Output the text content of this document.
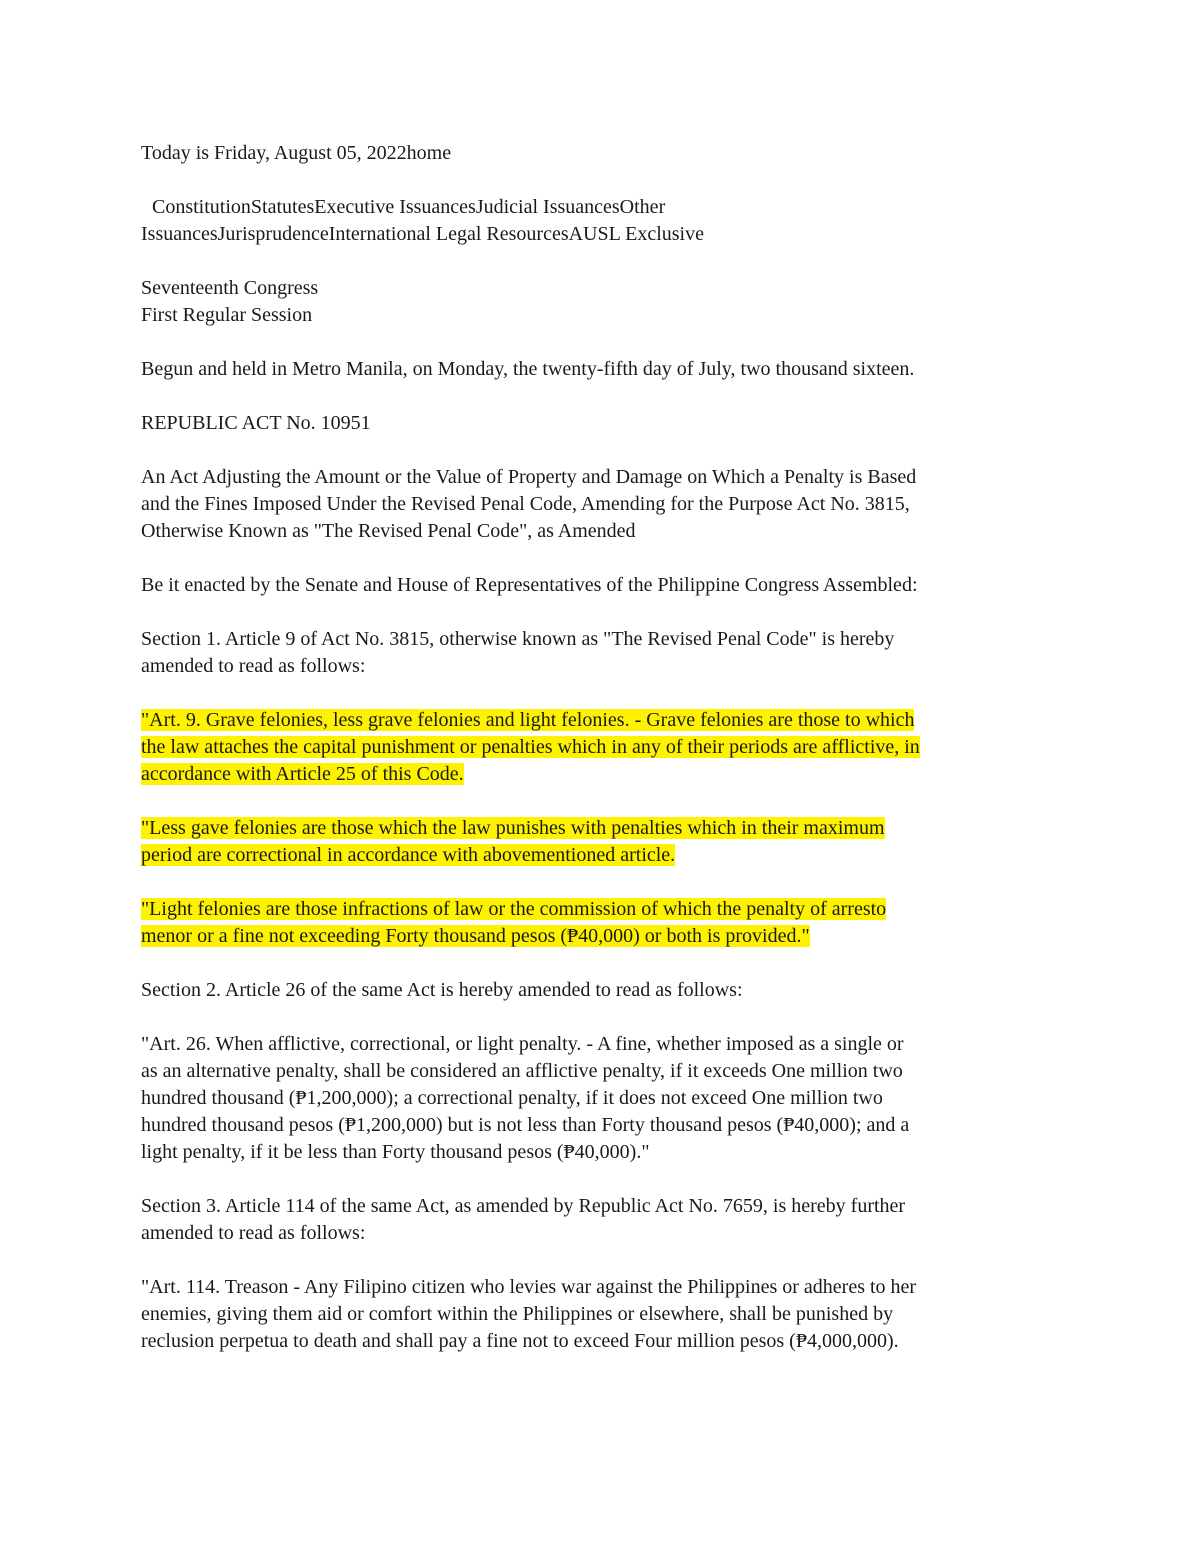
Today is Friday, August 05, 2022home

ConstitutionStatutesExecutive IssuancesJudicial IssuancesOther
IssuancesJurisprudenceInternational Legal ResourcesAUSL Exclusive
Seventeenth Congress
First Regular Session

Begun and held in Metro Manila, on Monday, the twenty-fifth day of July, two thousand sixteen.

REPUBLIC ACT No. 10951

An Act Adjusting the Amount or the Value of Property and Damage on Which a Penalty is Based
and the Fines Imposed Under the Revised Penal Code, Amending for the Purpose Act No. 3815,
Otherwise Known as "The Revised Penal Code", as Amended

Be it enacted by the Senate and House of Representatives of the Philippine Congress Assembled:

Section 1. Article 9 of Act No. 3815, otherwise known as "The Revised Penal Code" is hereby
amended to read as follows:
"Art. 9. Grave felonies, less grave felonies and light felonies. - Grave felonies are those to which
the law attaches the capital punishment or penalties which in any of their periods are afflictive, in
accordance with Article 25 of this Code.
"Less gave felonies are those which the law punishes with penalties which in their maximum
period are correctional in accordance with abovementioned article.
"Light felonies are those infractions of law or the commission of which the penalty of arresto
menor or a fine not exceeding Forty thousand pesos (₱40,000) or both is provided."

Section 2. Article 26 of the same Act is hereby amended to read as follows:

"Art. 26. When afflictive, correctional, or light penalty. - A fine, whether imposed as a single or
as an alternative penalty, shall be considered an afflictive penalty, if it exceeds One million two
hundred thousand (₱1,200,000); a correctional penalty, if it does not exceed One million two
hundred thousand pesos (₱1,200,000) but is not less than Forty thousand pesos (₱40,000); and a
light penalty, if it be less than Forty thousand pesos (₱40,000)."
Section 3. Article 114 of the same Act, as amended by Republic Act No. 7659, is hereby further
amended to read as follows:
"Art. 114. Treason - Any Filipino citizen who levies war against the Philippines or adheres to her
enemies, giving them aid or comfort within the Philippines or elsewhere, shall be punished by
reclusion perpetua to death and shall pay a fine not to exceed Four million pesos (₱4,000,000).
